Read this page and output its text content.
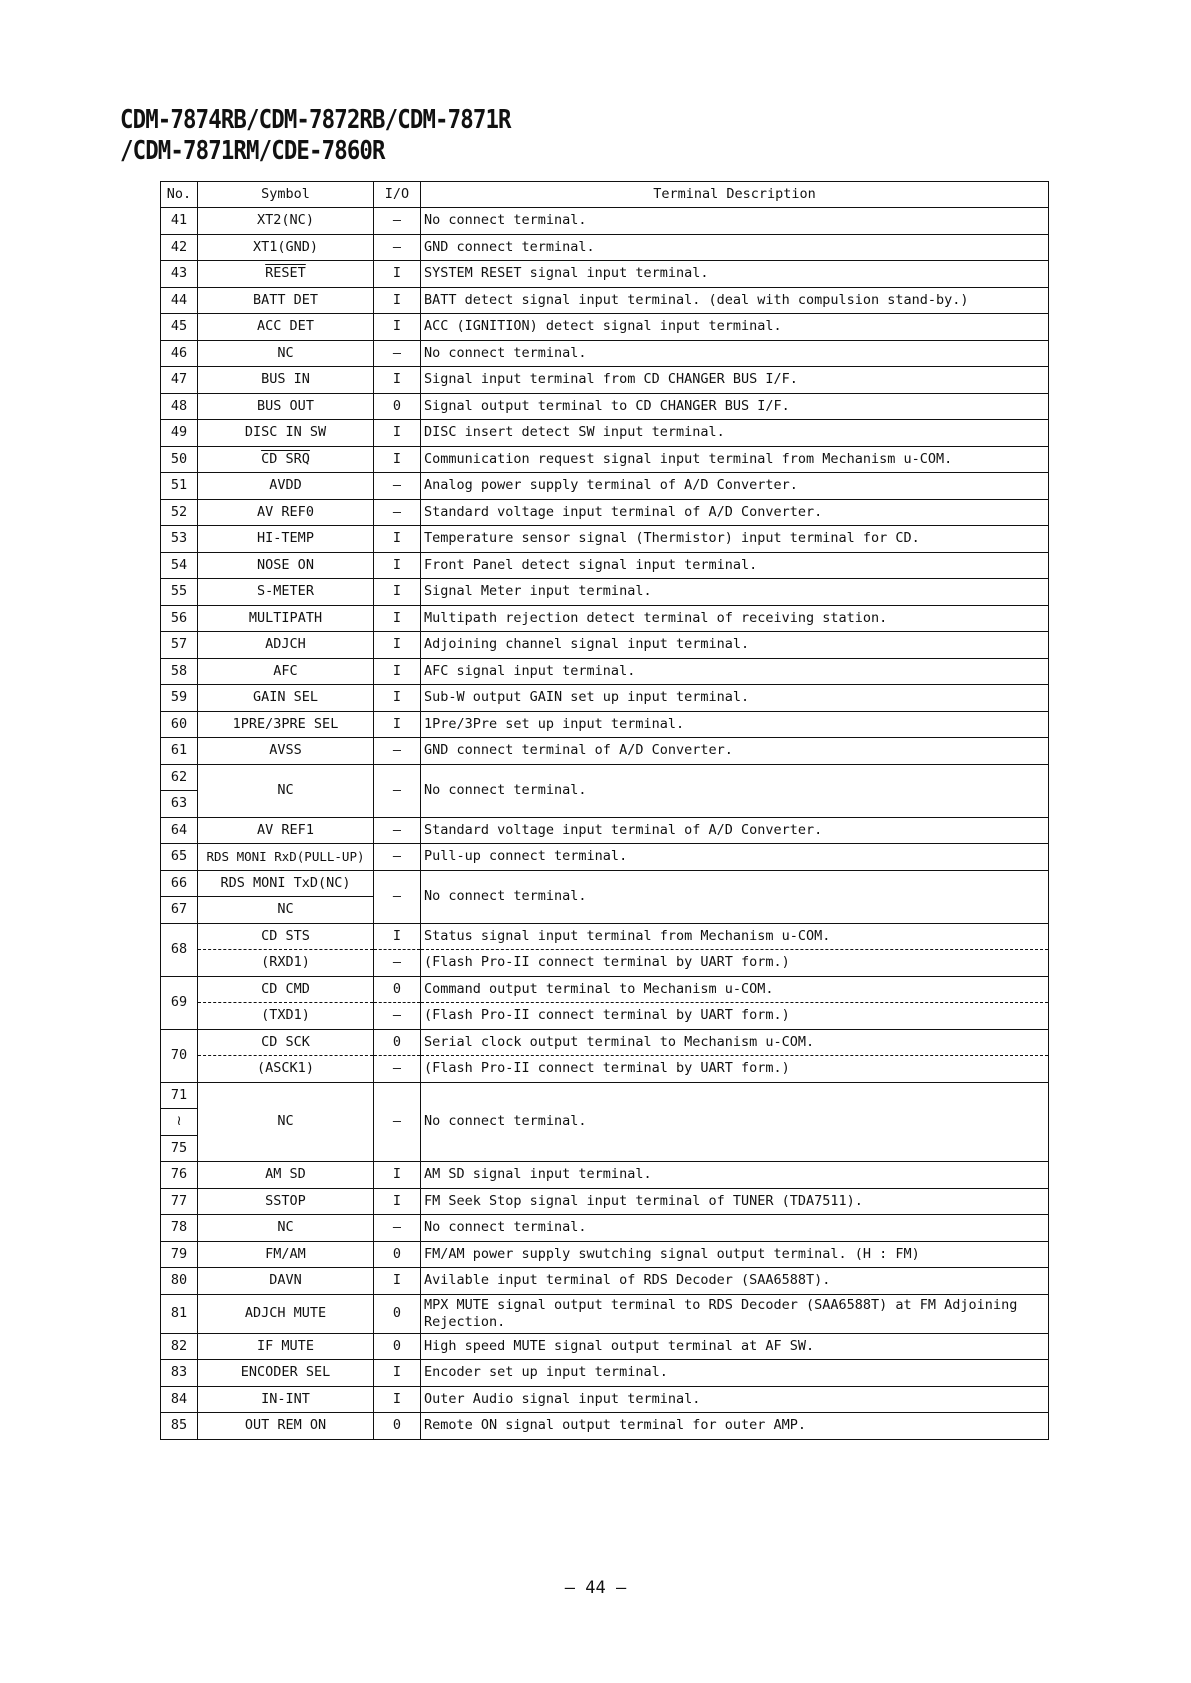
CDM-7874RB/CDM-7872RB/CDM-7871R
/CDM-7871RM/CDE-7860R
No.	Symbol	I/O	Terminal Description
41	XT2(NC)	–	No connect terminal.
42	XT1(GND)	–	GND connect terminal.
43	RESET	I	SYSTEM RESET signal input terminal.
44	BATT DET	I	BATT detect signal input terminal. (deal with compulsion stand-by.)
45	ACC DET	I	ACC (IGNITION) detect signal input terminal.
46	NC	–	No connect terminal.
47	BUS IN	I	Signal input terminal from CD CHANGER BUS I/F.
48	BUS OUT	0	Signal output terminal to CD CHANGER BUS I/F.
49	DISC IN SW	I	DISC insert detect SW input terminal.
50	CD SRQ	I	Communication request signal input terminal from Mechanism u-COM.
51	AVDD	–	Analog power supply terminal of A/D Converter.
52	AV REF0	–	Standard voltage input terminal of A/D Converter.
53	HI-TEMP	I	Temperature sensor signal (Thermistor) input terminal for CD.
54	NOSE ON	I	Front Panel detect signal input terminal.
55	S-METER	I	Signal Meter input terminal.
56	MULTIPATH	I	Multipath rejection detect terminal of receiving station.
57	ADJCH	I	Adjoining channel signal input terminal.
58	AFC	I	AFC signal input terminal.
59	GAIN SEL	I	Sub-W output GAIN set up input terminal.
60	1PRE/3PRE SEL	I	1Pre/3Pre set up input terminal.
61	AVSS	–	GND connect terminal of A/D Converter.
62	NC	–	No connect terminal.
63			
64	AV REF1	–	Standard voltage input terminal of A/D Converter.
65	RDS MONI RxD(PULL-UP)	–	Pull-up connect terminal.
66	RDS MONI TxD(NC)	–	No connect terminal.
67	NC		
68	CD STS	I	Status signal input terminal from Mechanism u-COM.
	(RXD1)	–	(Flash Pro-II connect terminal by UART form.)
69	CD CMD	0	Command output terminal to Mechanism u-COM.
	(TXD1)	–	(Flash Pro-II connect terminal by UART form.)
70	CD SCK	0	Serial clock output terminal to Mechanism u-COM.
	(ASCK1)	–	(Flash Pro-II connect terminal by UART form.)
71	NC	–	No connect terminal.
≀			
75			
76	AM SD	I	AM SD signal input terminal.
77	SSTOP	I	FM Seek Stop signal input terminal of TUNER (TDA7511).
78	NC	–	No connect terminal.
79	FM/AM	0	FM/AM power supply swutching signal output terminal. (H : FM)
80	DAVN	I	Avilable input terminal of RDS Decoder (SAA6588T).
81	ADJCH MUTE	0	MPX MUTE signal output terminal to RDS Decoder (SAA6588T) at FM Adjoining Rejection.
82	IF MUTE	0	High speed MUTE signal output terminal at AF SW.
83	ENCODER SEL	I	Encoder set up input terminal.
84	IN-INT	I	Outer Audio signal input terminal.
85	OUT REM ON	0	Remote ON signal output terminal for outer AMP.
— 44 —
